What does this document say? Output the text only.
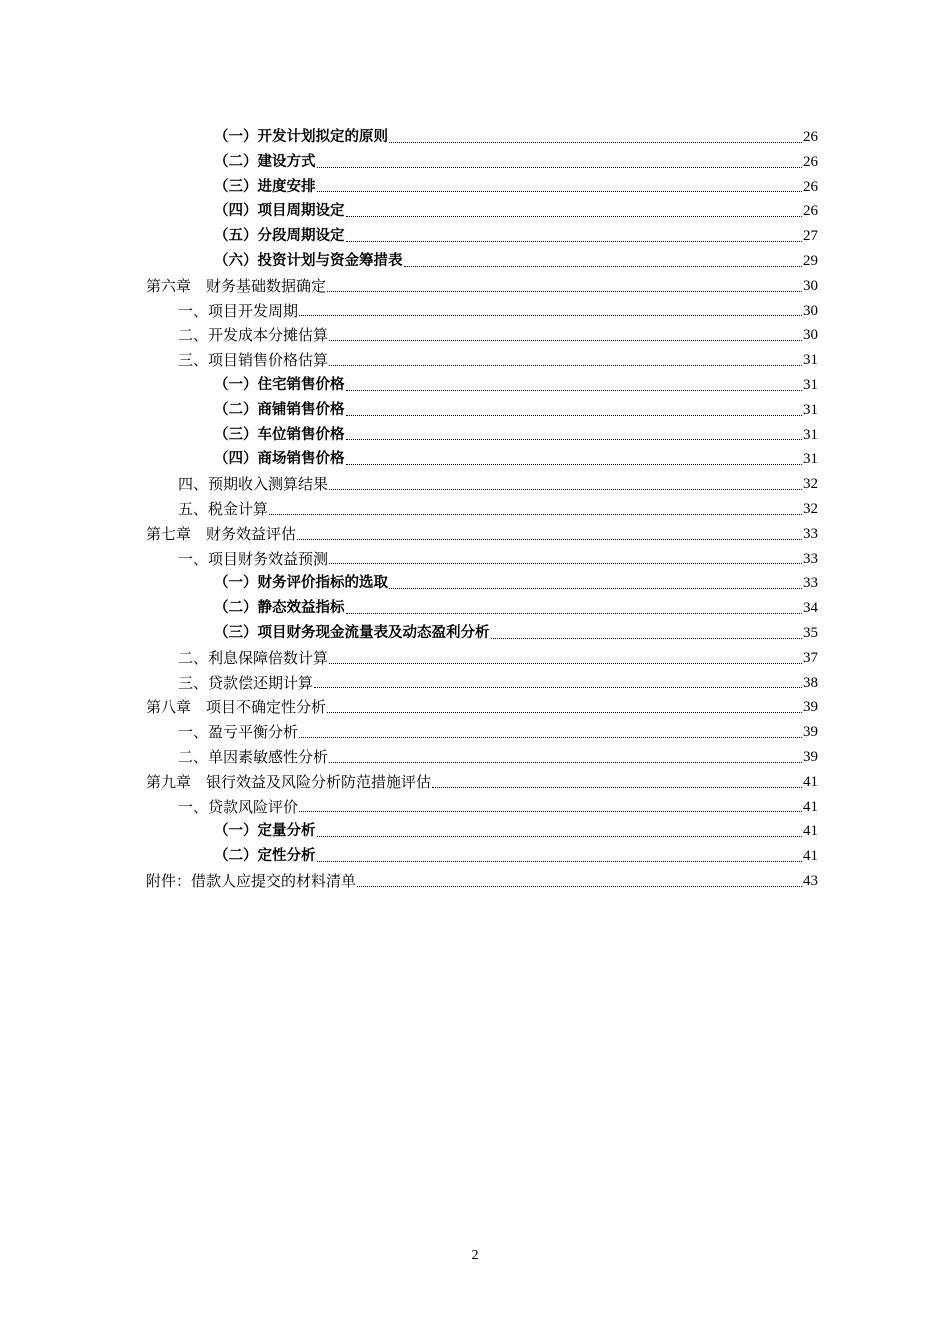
（一）开发计划拟定的原则	26
（二）建设方式	26
（三）进度安排	26
（四）项目周期设定	26
（五）分段周期设定	27
（六）投资计划与资金筹措表	29
第六章　财务基础数据确定	30
一、项目开发周期	30
二、开发成本分摊估算	30
三、项目销售价格估算	31
（一）住宅销售价格	31
（二）商铺销售价格	31
（三）车位销售价格	31
（四）商场销售价格	31
四、预期收入测算结果	32
五、税金计算	32
第七章　财务效益评估	33
一、项目财务效益预测	33
（一）财务评价指标的选取	33
（二）静态效益指标	34
（三）项目财务现金流量表及动态盈利分析	35
二、利息保障倍数计算	37
三、贷款偿还期计算	38
第八章　项目不确定性分析	39
一、盈亏平衡分析	39
二、单因素敏感性分析	39
第九章　银行效益及风险分析防范措施评估	41
一、贷款风险评价	41
（一）定量分析	41
（二）定性分析	41
附件：借款人应提交的材料清单	43
2
